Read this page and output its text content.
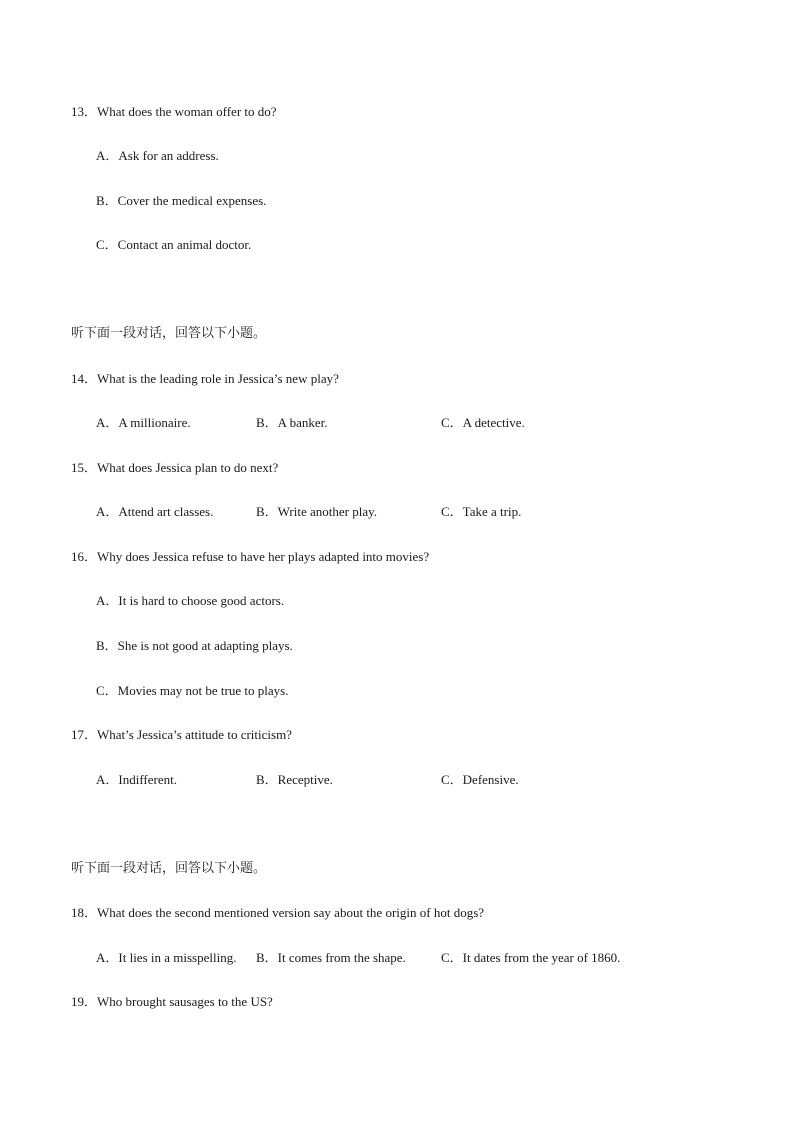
13．What does the woman offer to do?
A．Ask for an address.
B．Cover the medical expenses.
C．Contact an animal doctor.
听下面一段对话，回答以下小题。
14．What is the leading role in Jessica’s new play?
A．A millionaire.	B．A banker.	C．A detective.
15．What does Jessica plan to do next?
A．Attend art classes.	B．Write another play.	C．Take a trip.
16．Why does Jessica refuse to have her plays adapted into movies?
A．It is hard to choose good actors.
B．She is not good at adapting plays.
C．Movies may not be true to plays.
17．What’s Jessica’s attitude to criticism?
A．Indifferent.	B．Receptive.	C．Defensive.
听下面一段对话，回答以下小题。
18．What does the second mentioned version say about the origin of hot dogs?
A．It lies in a misspelling. B．It comes from the shape.	C．It dates from the year of 1860.
19．Who brought sausages to the US?
